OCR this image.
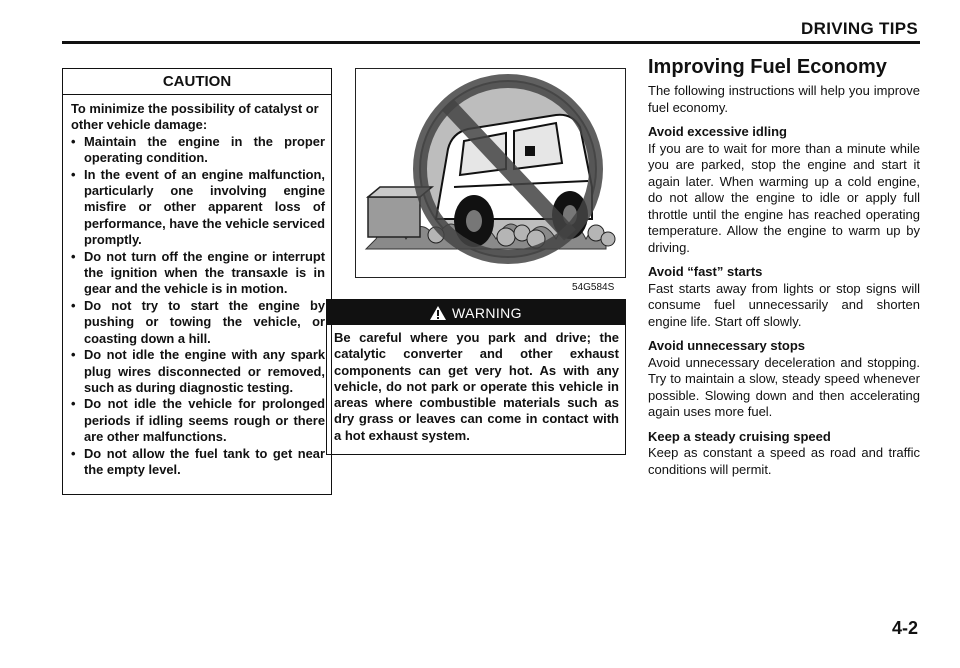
DRIVING TIPS
CAUTION

To minimize the possibility of catalyst or other vehicle damage:

• Maintain the engine in the proper operating condition.
• In the event of an engine malfunction, particularly one involving engine misfire or other apparent loss of performance, have the vehicle serviced promptly.
• Do not turn off the engine or interrupt the ignition when the transaxle is in gear and the vehicle is in motion.
• Do not try to start the engine by pushing or towing the vehicle, or coasting down a hill.
• Do not idle the engine with any spark plug wires disconnected or removed, such as during diagnostic testing.
• Do not idle the vehicle for prolonged periods if idling seems rough or there are other malfunctions.
• Do not allow the fuel tank to get near the empty level.
54G584S
WARNING
Be careful where you park and drive; the catalytic converter and other exhaust components can get very hot. As with any vehicle, do not park or operate this vehicle in areas where combustible materials such as dry grass or leaves can come in contact with a hot exhaust system.
Improving Fuel Economy

The following instructions will help you improve fuel economy.

Avoid excessive idling

If you are to wait for more than a minute while you are parked, stop the engine and start it again later. When warming up a cold engine, do not allow the engine to idle or apply full throttle until the engine has reached operating temperature. Allow the engine to warm up by driving.

Avoid “fast” starts

Fast starts away from lights or stop signs will consume fuel unnecessarily and shorten engine life. Start off slowly.

Avoid unnecessary stops

Avoid unnecessary deceleration and stopping. Try to maintain a slow, steady speed whenever possible. Slowing down and then accelerating again uses more fuel.

Keep a steady cruising speed

Keep as constant a speed as road and traffic conditions will permit.

4-2
